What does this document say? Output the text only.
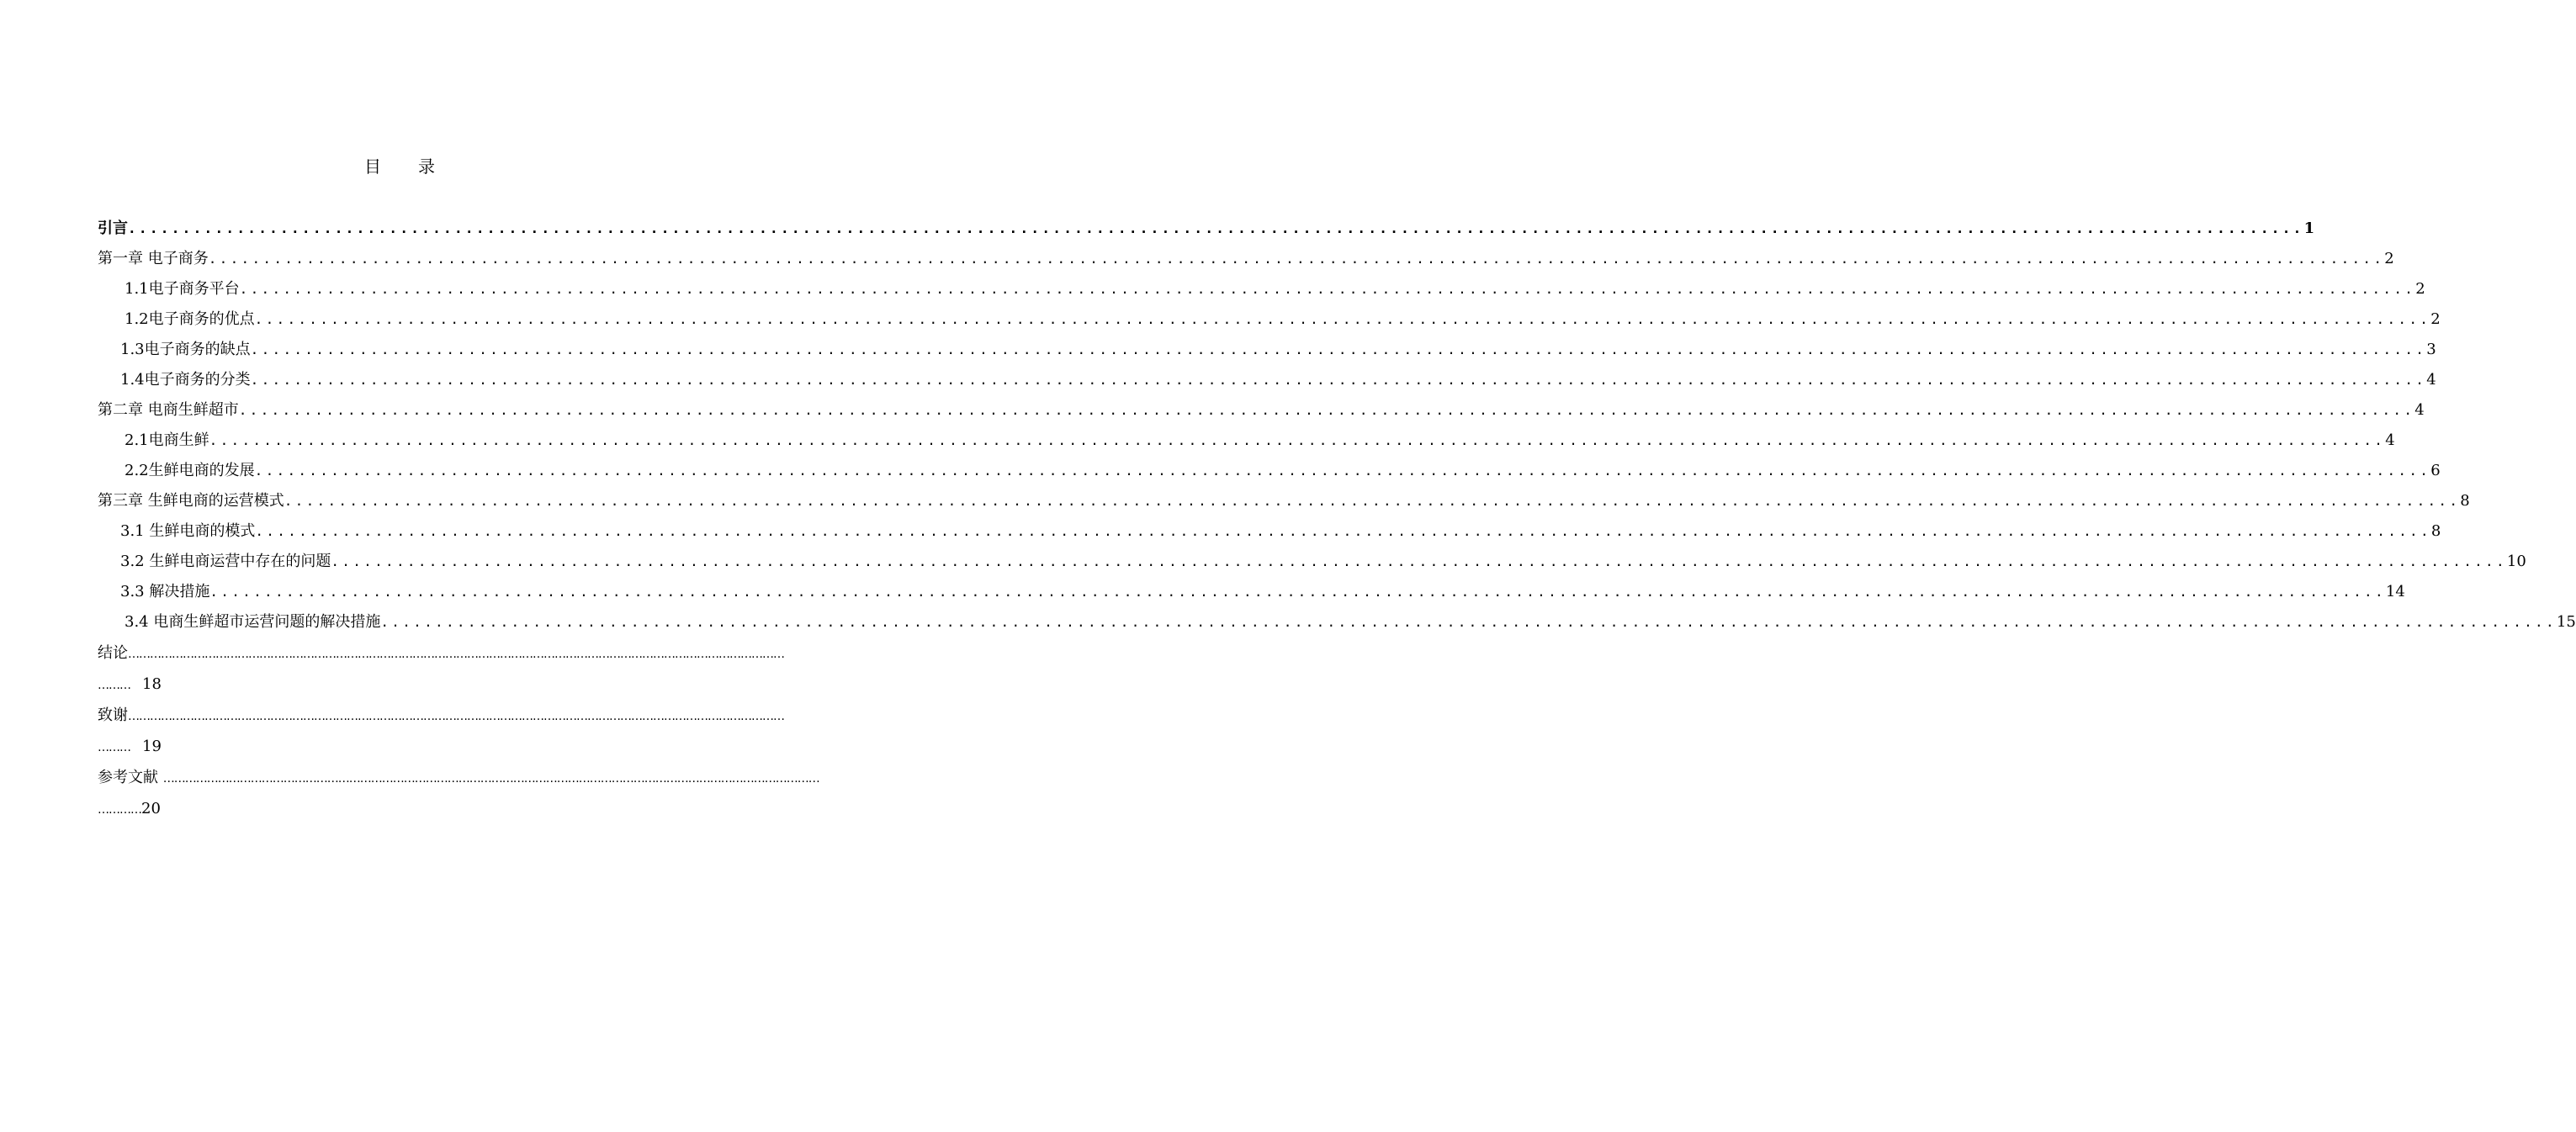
目 录
引言 ........................................................................................................................................................................................................ 1
第一章 电子商务 ........................................................................................................................................................................................................ 2
1.1电子商务平台 ........................................................................................................................................................................................................ 2
1.2电子商务的优点 ........................................................................................................................................................................................................ 2
1.3电子商务的缺点 ........................................................................................................................................................................................................ 3
1.4电子商务的分类 ........................................................................................................................................................................................................ 4
第二章 电商生鲜超市 ........................................................................................................................................................................................................ 4
2.1电商生鲜 ........................................................................................................................................................................................................ 4
2.2生鲜电商的发展 ........................................................................................................................................................................................................ 6
第三章 生鲜电商的运营模式 ........................................................................................................................................................................................................ 8
3.1 生鲜电商的模式 ........................................................................................................................................................................................................ 8
3.2 生鲜电商运营中存在的问题 ........................................................................................................................................................................................................ 10
3.3 解决措施 ........................................................................................................................................................................................................ 14
3.4 电商生鲜超市运营问题的解决措施 ........................................................................................................................................................................................................ 15
结论………………………………………………………………………………………………………………………………………………………………
……… 18
致谢………………………………………………………………………………………………………………………………………………………………
……… 19
参考文献 ………………………………………………………………………………………………………………………………………………………………
…………20
